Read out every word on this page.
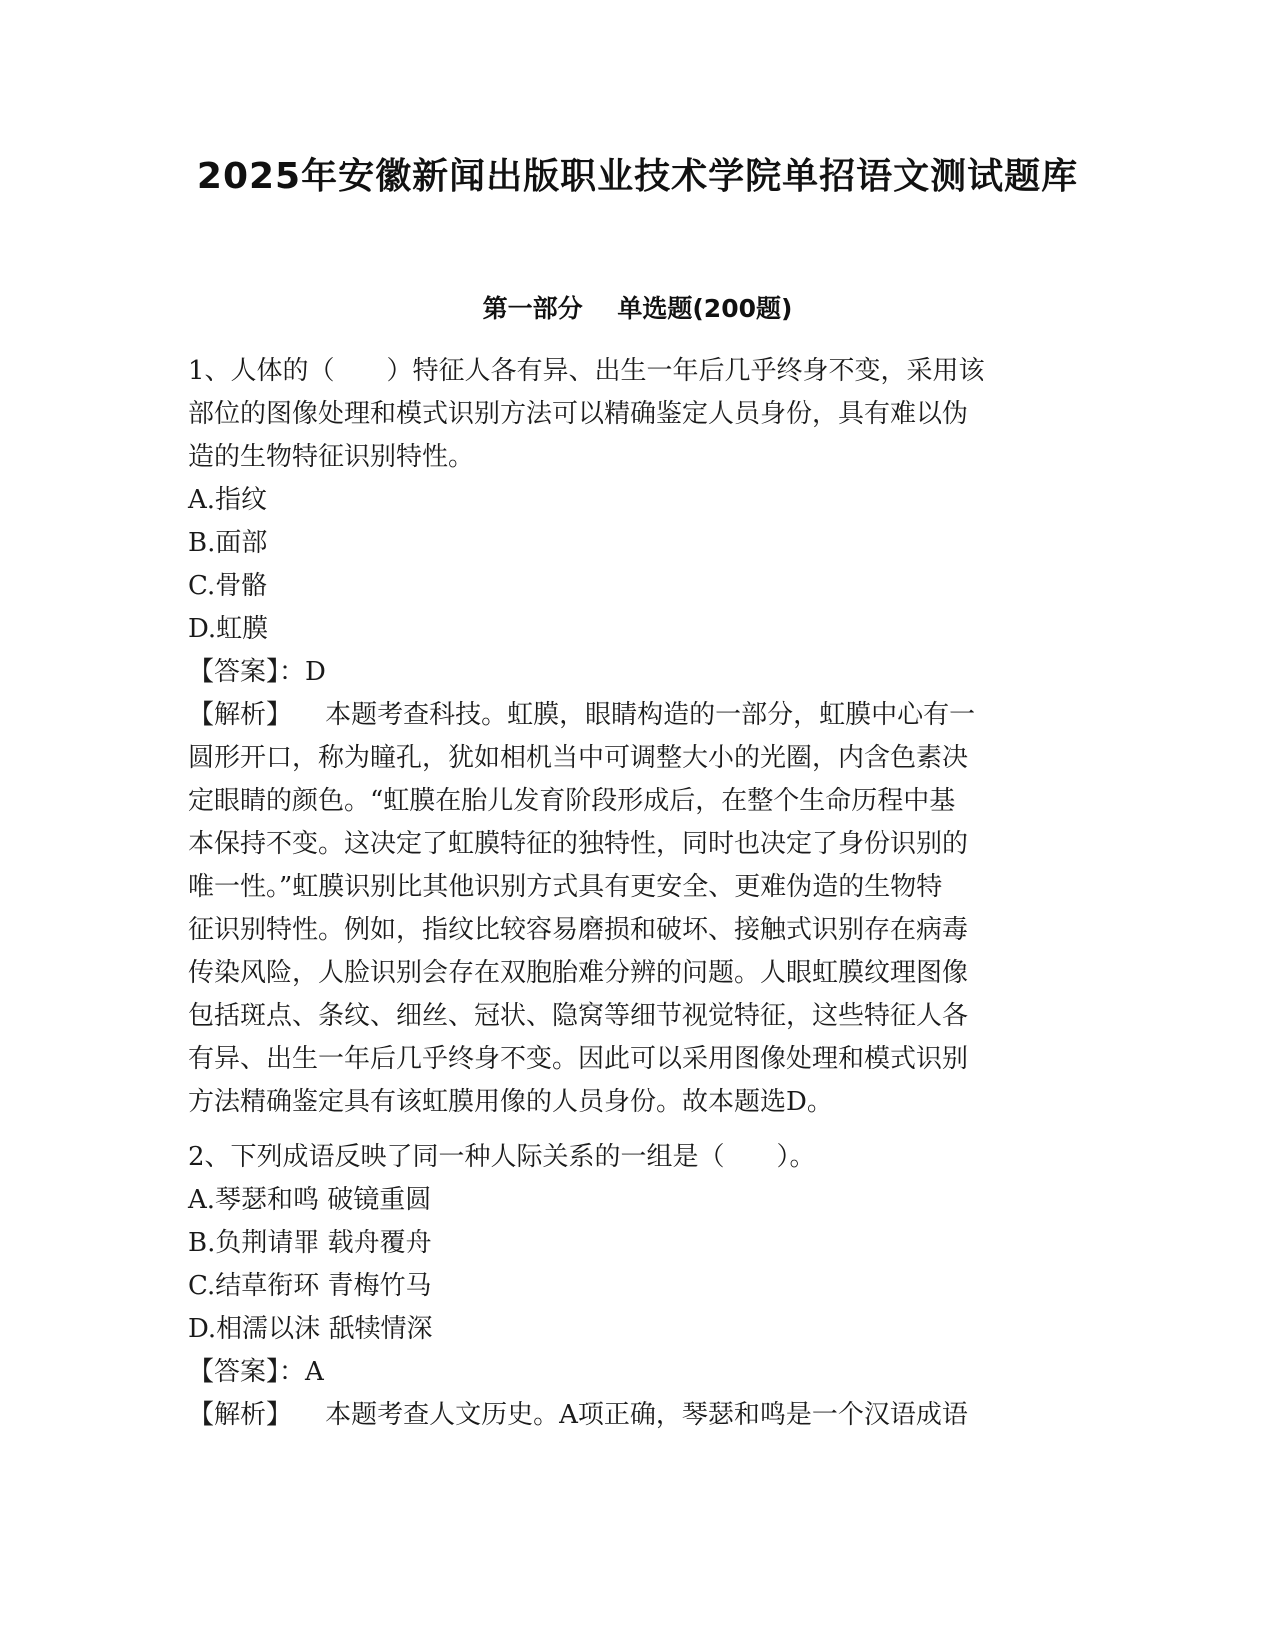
2025年安徽新闻出版职业技术学院单招语文测试题库
第一部分    单选题(200题)
1、人体的（　　）特征人各有异、出生一年后几乎终身不变，采用该
部位的图像处理和模式识别方法可以精确鉴定人员身份，具有难以伪
造的生物特征识别特性。
A.指纹
B.面部
C.骨骼
D.虹膜
【答案】：D
【解析】 本题考查科技。虹膜，眼睛构造的一部分，虹膜中心有一
圆形开口，称为瞳孔，犹如相机当中可调整大小的光圈，内含色素决
定眼睛的颜色。“虹膜在胎儿发育阶段形成后，在整个生命历程中基
本保持不变。这决定了虹膜特征的独特性，同时也决定了身份识别的
唯一性。”虹膜识别比其他识别方式具有更安全、更难伪造的生物特
征识别特性。例如，指纹比较容易磨损和破坏、接触式识别存在病毒
传染风险，人脸识别会存在双胞胎难分辨的问题。人眼虹膜纹理图像
包括斑点、条纹、细丝、冠状、隐窝等细节视觉特征，这些特征人各
有异、出生一年后几乎终身不变。因此可以采用图像处理和模式识别
方法精确鉴定具有该虹膜用像的人员身份。故本题选D。
2、下列成语反映了同一种人际关系的一组是（　　）。
A.琴瑟和鸣 破镜重圆
B.负荆请罪 载舟覆舟
C.结草衔环 青梅竹马
D.相濡以沫 舐犊情深
【答案】：A
【解析】 本题考查人文历史。A项正确，琴瑟和鸣是一个汉语成语
